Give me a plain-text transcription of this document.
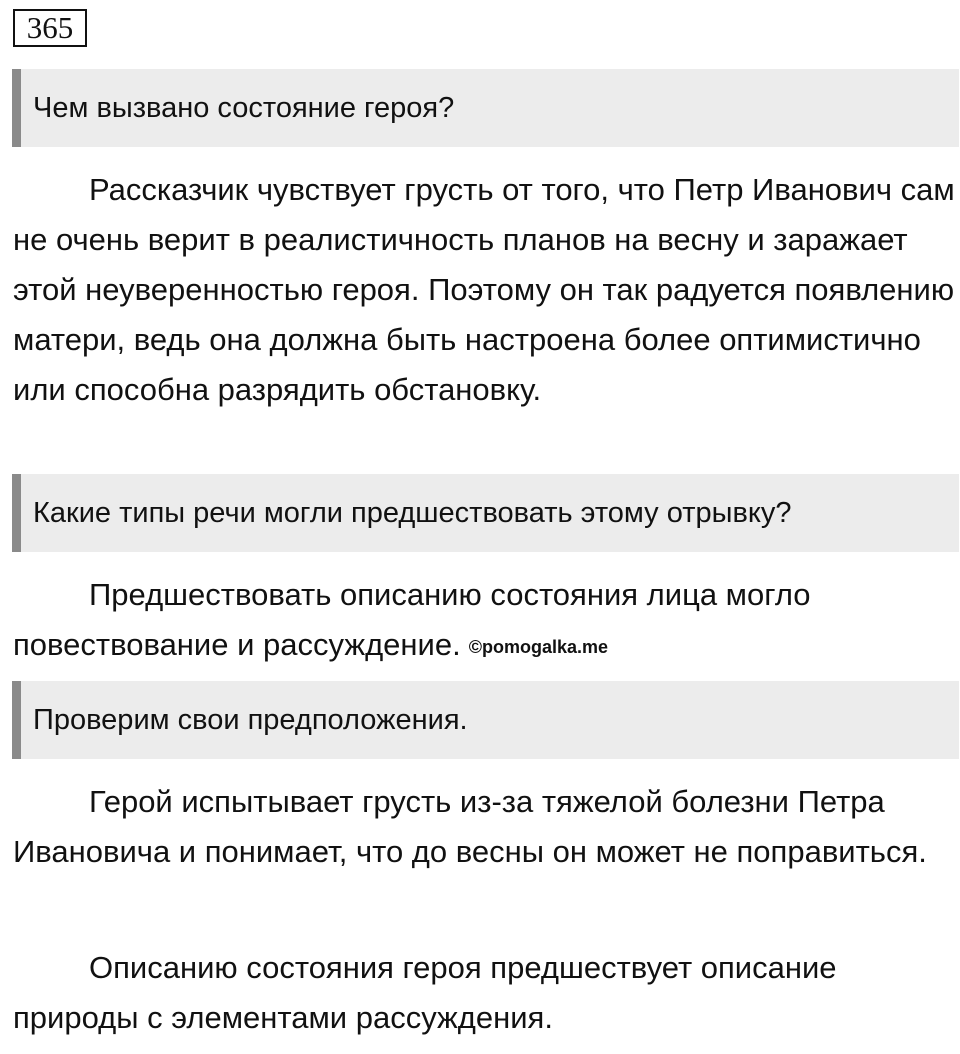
365
Чем вызвано состояние героя?

Рассказчик чувствует грусть от того, что Петр Иванович сам не очень верит в реалистичность планов на весну и заражает этой неуверенностью героя. Поэтому он так радуется появлению матери, ведь она должна быть настроена более оптимистично или способна разрядить обстановку.

Какие типы речи могли предшествовать этому отрывку?

Предшествовать описанию состояния лица могло повествование и рассуждение. ©pomogalka.me

Проверим свои предположения.

Герой испытывает грусть из-за тяжелой болезни Петра Ивановича и понимает, что до весны он может не поправиться.

Описанию состояния героя предшествует описание природы с элементами рассуждения.
